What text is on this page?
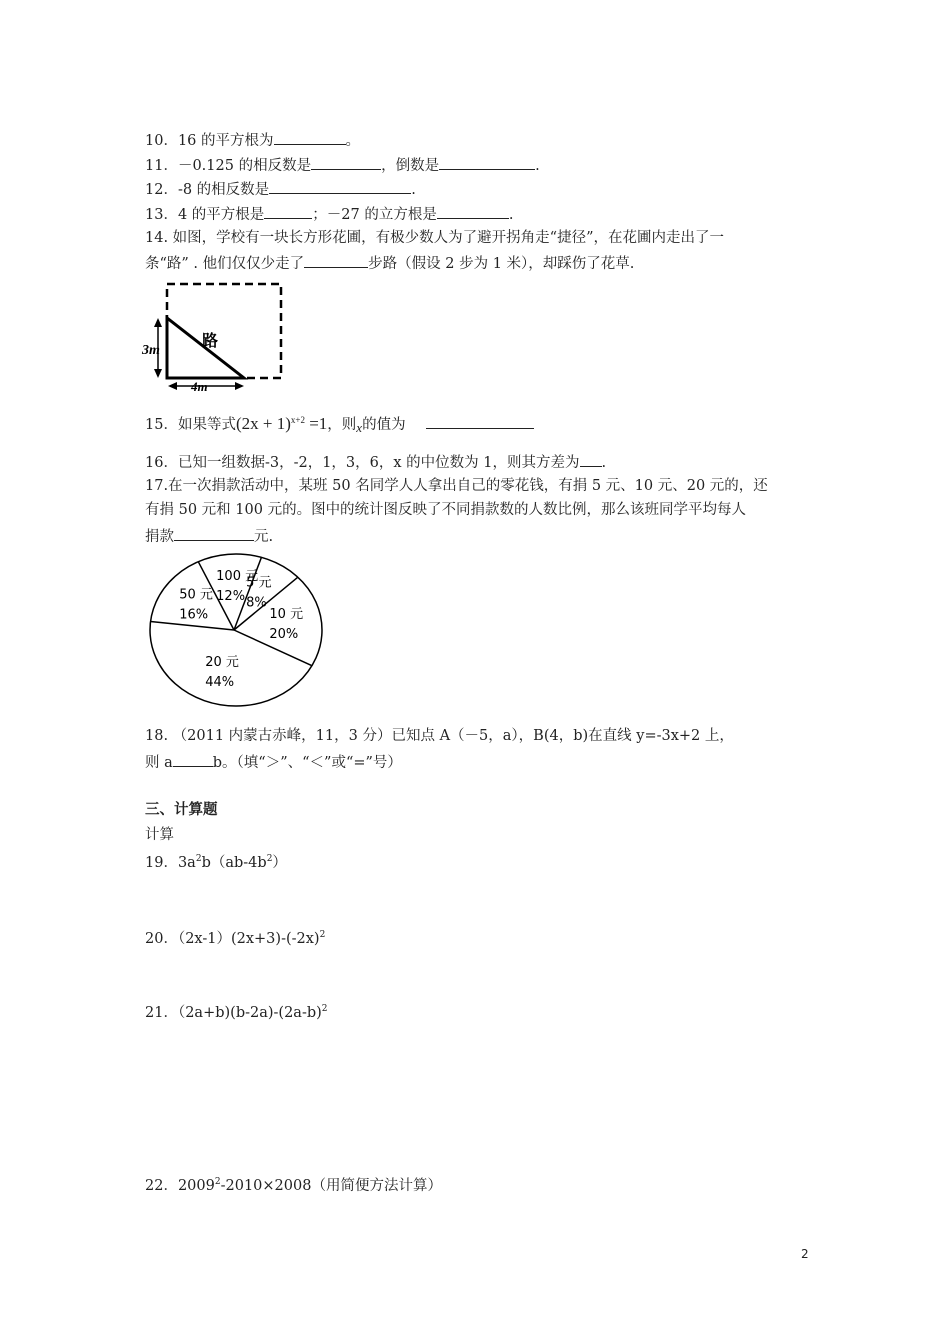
10．16 的平方根为	。
11．－0.125 的相反数是	，倒数是	.
12．-8 的相反数是	.
13．4 的平方根是	；－27 的立方根是	.
14. 如图，学校有一块长方形花圃，有极少数人为了避开拐角走“捷径”，在花圃内走出了一
条“路” . 他们仅仅少走了	步路（假设 2 步为 1 米），却踩伤了花草.
路
3m
4m
15．如果等式$(2x + 1)^{x+2} =1$，则x的值为
16．已知一组数据-3，-2，1，3，6，x 的中位数为 1，则其方差为 .
17.在一次捐款活动中，某班 50 名同学人人拿出自己的零花钱，有捐 5 元、10 元、20 元的，还
有捐 50 元和 100 元的。图中的统计图反映了不同捐款数的人数比例，那么该班同学平均每人
捐款	元.
5 元
8%
10 元
20%
20 元
44%
50 元
16%
100 元
12%
18. （2011 内蒙古赤峰，11，3 分）已知点 A（－5，a），B(4，b)在直线 y=-3x+2 上，
则 a	b。（填“＞”、“＜”或“=”号）
三、计算题
计算
19．$3a^2b(ab-4b^2)$
20．$(2x-1)(2x+3)-(-2x)^2$
21．$(2a+b)(b-2a)-(2a-b)^2$
22．$2009^2-2010\times 2008$（用简便方法计算）
2
